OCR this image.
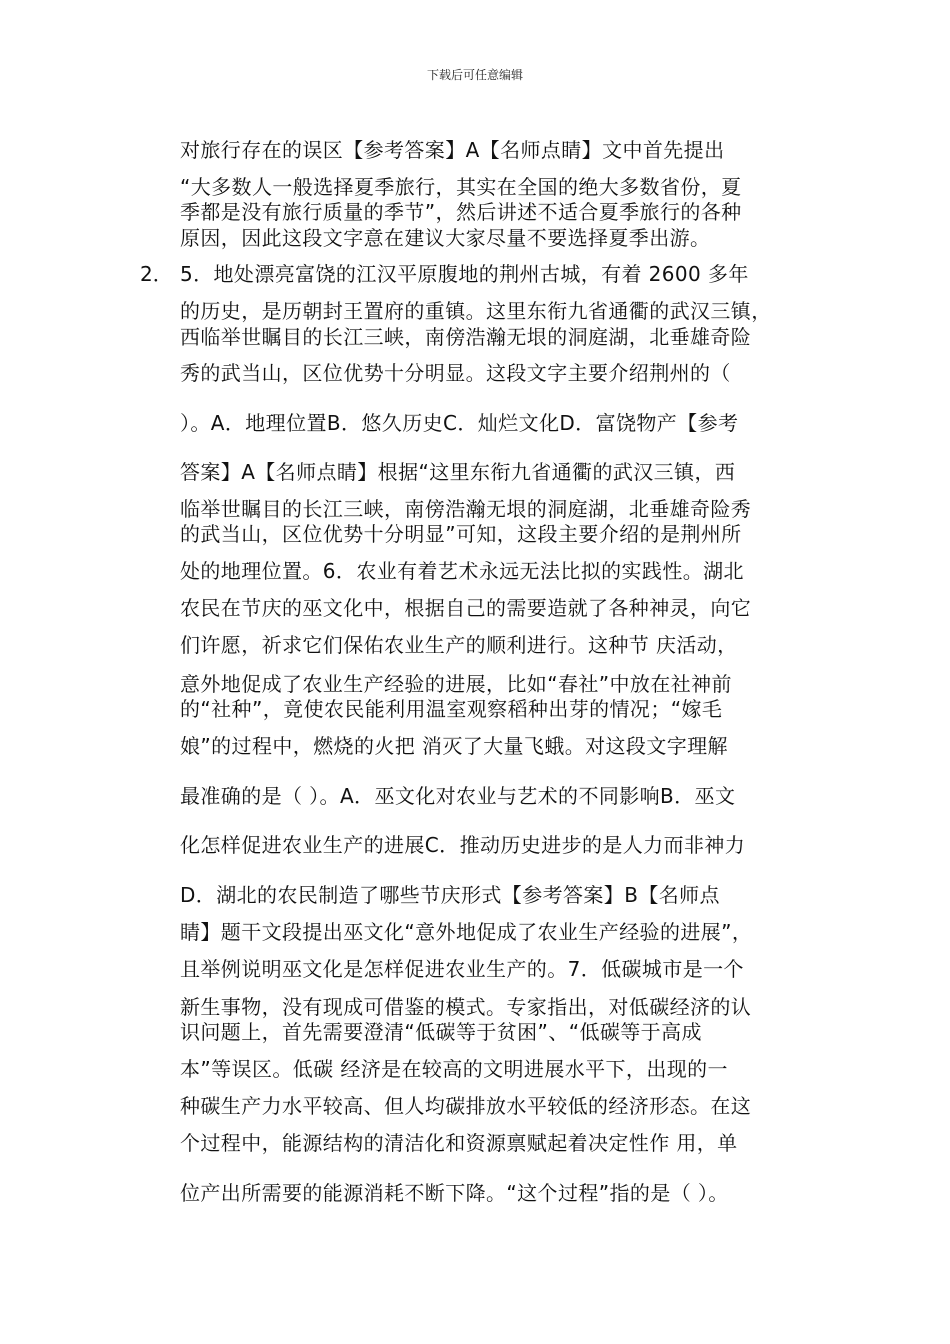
下载后可任意编辑
2．
对旅行存在的误区【参考答案】A【名师点睛】文中首先提出
“大多数人一般选择夏季旅行，其实在全国的绝大多数省份，夏
季都是没有旅行质量的季节”，然后讲述不适合夏季旅行的各种
原因，因此这段文字意在建议大家尽量不要选择夏季出游。
5．地处漂亮富饶的江汉平原腹地的荆州古城，有着 2600 多年
的历史，是历朝封王置府的重镇。这里东衔九省通衢的武汉三镇，
西临举世瞩目的长江三峡，南傍浩瀚无垠的洞庭湖，北垂雄奇险
秀的武当山，区位优势十分明显。这段文字主要介绍荆州的（
）。A．地理位置B．悠久历史C．灿烂文化D．富饶物产【参考
答案】A【名师点睛】根据“这里东衔九省通衢的武汉三镇，西
临举世瞩目的长江三峡，南傍浩瀚无垠的洞庭湖，北垂雄奇险秀
的武当山，区位优势十分明显”可知，这段主要介绍的是荆州所
处的地理位置。6．农业有着艺术永远无法比拟的实践性。湖北
农民在节庆的巫文化中，根据自己的需要造就了各种神灵，向它
们许愿，祈求它们保佑农业生产的顺利进行。这种节 庆活动，
意外地促成了农业生产经验的进展，比如“春社”中放在社神前
的“社种”，竟使农民能利用温室观察稻种出芽的情况；“嫁毛
娘”的过程中，燃烧的火把 消灭了大量飞蛾。对这段文字理解
最准确的是（ ）。A．巫文化对农业与艺术的不同影响B．巫文
化怎样促进农业生产的进展C．推动历史进步的是人力而非神力
D．湖北的农民制造了哪些节庆形式【参考答案】B【名师点
睛】题干文段提出巫文化“意外地促成了农业生产经验的进展”，
且举例说明巫文化是怎样促进农业生产的。7．低碳城市是一个
新生事物，没有现成可借鉴的模式。专家指出，对低碳经济的认
识问题上，首先需要澄清“低碳等于贫困”、“低碳等于高成
本”等误区。低碳 经济是在较高的文明进展水平下，出现的一
种碳生产力水平较高、但人均碳排放水平较低的经济形态。在这
个过程中，能源结构的清洁化和资源禀赋起着决定性作 用，单
位产出所需要的能源消耗不断下降。“这个过程”指的是（ ）。
